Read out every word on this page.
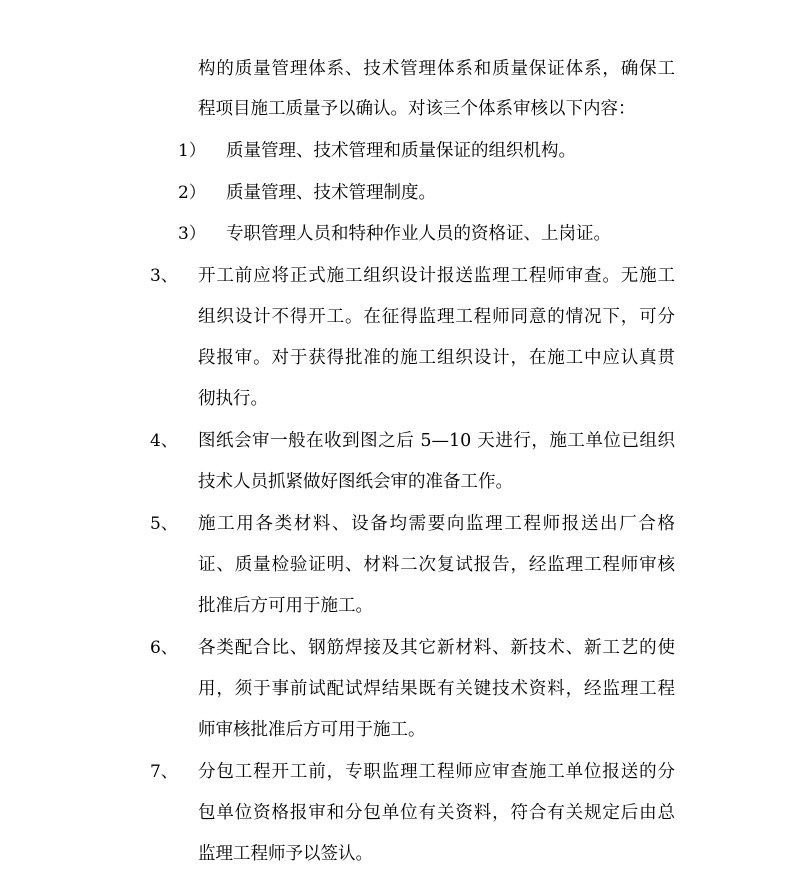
构的质量管理体系、技术管理体系和质量保证体系，确保工
程项目施工质量予以确认。对该三个体系审核以下内容：
1） 质量管理、技术管理和质量保证的组织机构。
2） 质量管理、技术管理制度。
3） 专职管理人员和特种作业人员的资格证、上岗证。
3、 开工前应将正式施工组织设计报送监理工程师审查。无施工
组织设计不得开工。在征得监理工程师同意的情况下，可分
段报审。对于获得批准的施工组织设计，在施工中应认真贯
彻执行。
4、 图纸会审一般在收到图之后 5—10 天进行，施工单位已组织
技术人员抓紧做好图纸会审的准备工作。
5、 施工用各类材料、设备均需要向监理工程师报送出厂合格
证、质量检验证明、材料二次复试报告，经监理工程师审核
批准后方可用于施工。
6、 各类配合比、钢筋焊接及其它新材料、新技术、新工艺的使
用，须于事前试配试焊结果既有关键技术资料，经监理工程
师审核批准后方可用于施工。
7、 分包工程开工前，专职监理工程师应审查施工单位报送的分
包单位资格报审和分包单位有关资料，符合有关规定后由总
监理工程师予以签认。
